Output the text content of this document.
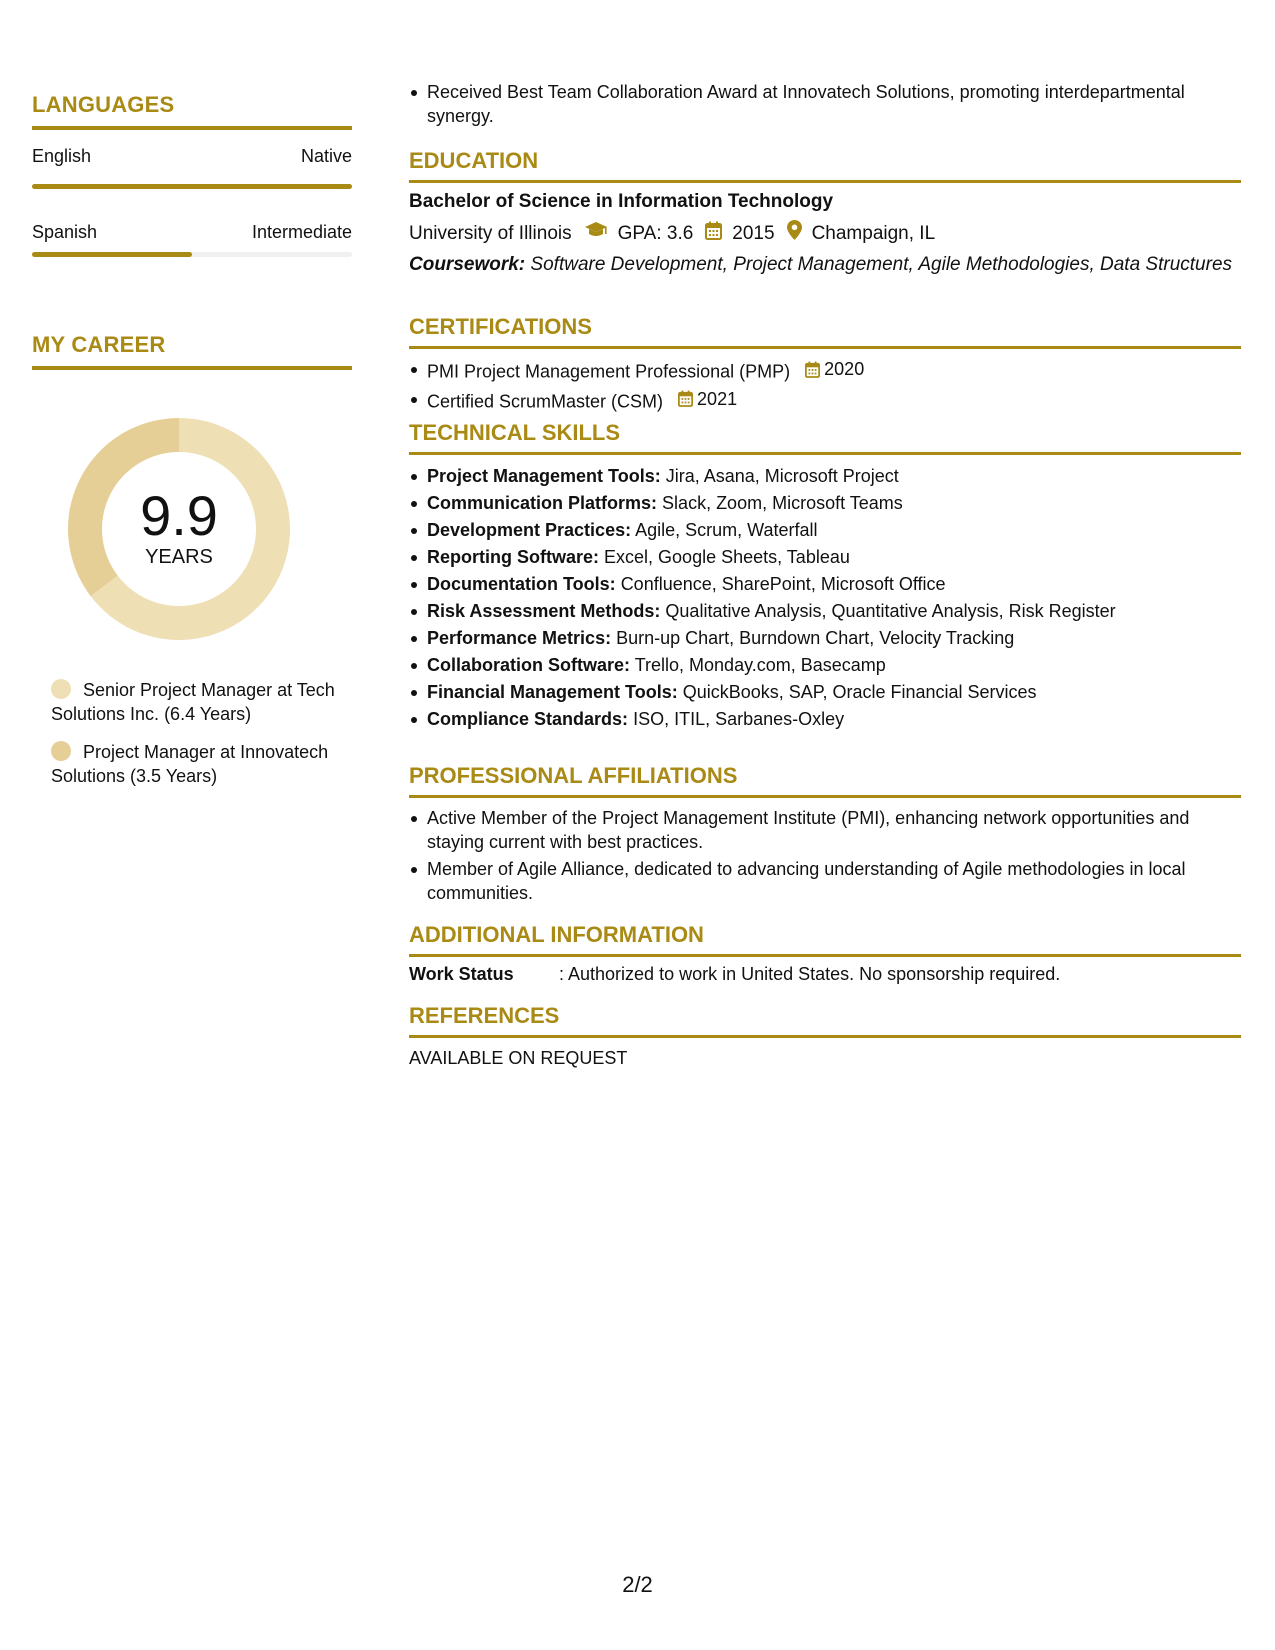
LANGUAGES
English	Native
Spanish	Intermediate
MY CAREER
9.9
YEARS
Senior Project Manager at Tech Solutions Inc. (6.4 Years)
Project Manager at Innovatech Solutions (3.5 Years)
Received Best Team Collaboration Award at Innovatech Solutions, promoting interdepartmental synergy.
EDUCATION
Bachelor of Science in Information Technology
University of Illinois GPA: 3.6 2015 Champaign, IL
Coursework: Software Development, Project Management, Agile Methodologies, Data Structures
CERTIFICATIONS
PMI Project Management Professional (PMP) 2020
Certified ScrumMaster (CSM) 2021
TECHNICAL SKILLS
Project Management Tools: Jira, Asana, Microsoft Project
Communication Platforms: Slack, Zoom, Microsoft Teams
Development Practices: Agile, Scrum, Waterfall
Reporting Software: Excel, Google Sheets, Tableau
Documentation Tools: Confluence, SharePoint, Microsoft Office
Risk Assessment Methods: Qualitative Analysis, Quantitative Analysis, Risk Register
Performance Metrics: Burn-up Chart, Burndown Chart, Velocity Tracking
Collaboration Software: Trello, Monday.com, Basecamp
Financial Management Tools: QuickBooks, SAP, Oracle Financial Services
Compliance Standards: ISO, ITIL, Sarbanes-Oxley
PROFESSIONAL AFFILIATIONS
Active Member of the Project Management Institute (PMI), enhancing network opportunities and staying current with best practices.
Member of Agile Alliance, dedicated to advancing understanding of Agile methodologies in local communities.
ADDITIONAL INFORMATION
Work Status	: Authorized to work in United States. No sponsorship required.
REFERENCES
AVAILABLE ON REQUEST
2/2
